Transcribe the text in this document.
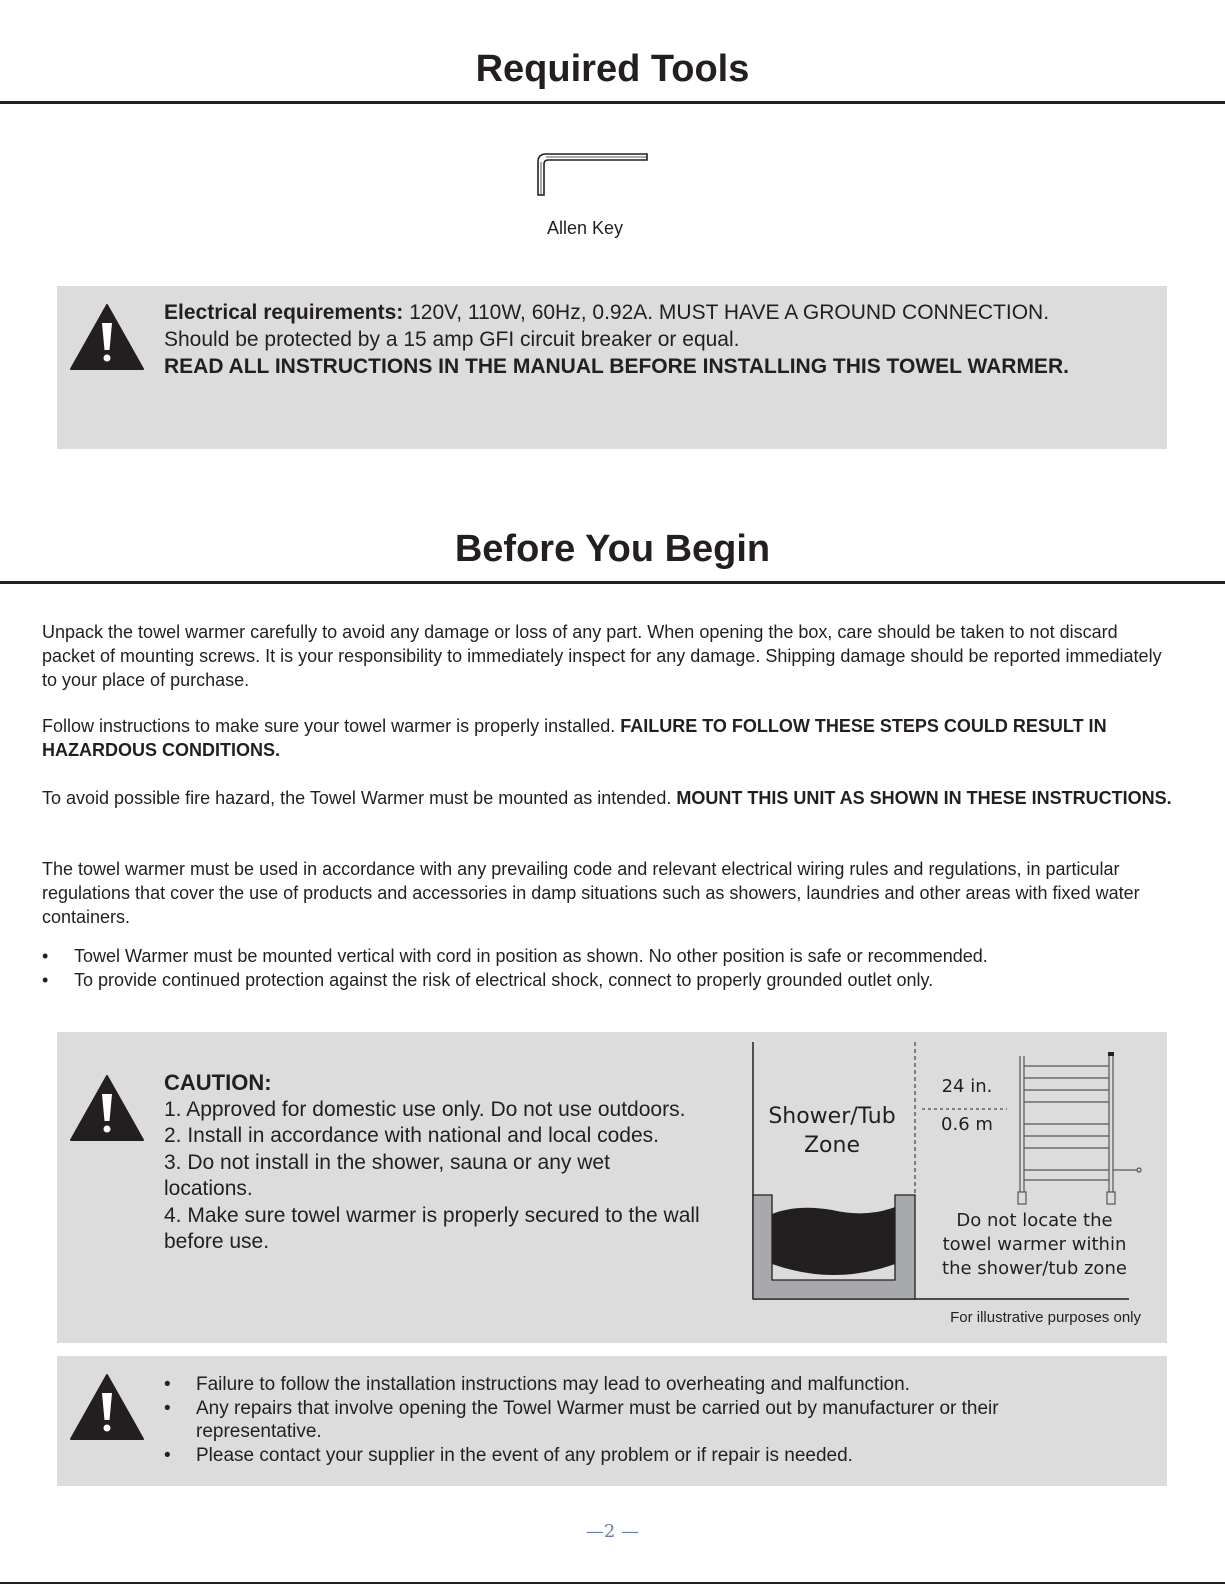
Required Tools
Allen Key
Electrical requirements: 120V, 110W, 60Hz, 0.92A. MUST HAVE A GROUND CONNECTION.
Should be protected by a 15 amp GFI circuit breaker or equal.
READ ALL INSTRUCTIONS IN THE MANUAL BEFORE INSTALLING THIS TOWEL WARMER.
Before You Begin
Unpack the towel warmer carefully to avoid any damage or loss of any part. When opening the box, care should be taken to not discard packet of mounting screws. It is your responsibility to immediately inspect for any damage. Shipping damage should be reported immediately to your place of purchase.
Follow instructions to make sure your towel warmer is properly installed. FAILURE TO FOLLOW THESE STEPS COULD RESULT IN HAZARDOUS CONDITIONS.
To avoid possible fire hazard, the Towel Warmer must be mounted as intended. MOUNT THIS UNIT AS SHOWN IN THESE INSTRUCTIONS.
The towel warmer must be used in accordance with any prevailing code and relevant electrical wiring rules and regulations, in particular regulations that cover the use of products and accessories in damp situations such as showers, laundries and other areas with fixed water containers.
• Towel Warmer must be mounted vertical with cord in position as shown. No other position is safe or recommended.
• To provide continued protection against the risk of electrical shock, connect to properly grounded outlet only.
CAUTION:
1. Approved for domestic use only. Do not use outdoors.
2. Install in accordance with national and local codes.
3. Do not install in the shower, sauna or any wet locations.
4. Make sure towel warmer is properly secured to the wall before use.
Shower/Tub
Zone
24 in.
0.6 m
Do not locate the
towel warmer within
the shower/tub zone
For illustrative purposes only
• Failure to follow the installation instructions may lead to overheating and malfunction.
• Any repairs that involve opening the Towel Warmer must be carried out by manufacturer or their representative.
• Please contact your supplier in the event of any problem or if repair is needed.
—2 —
